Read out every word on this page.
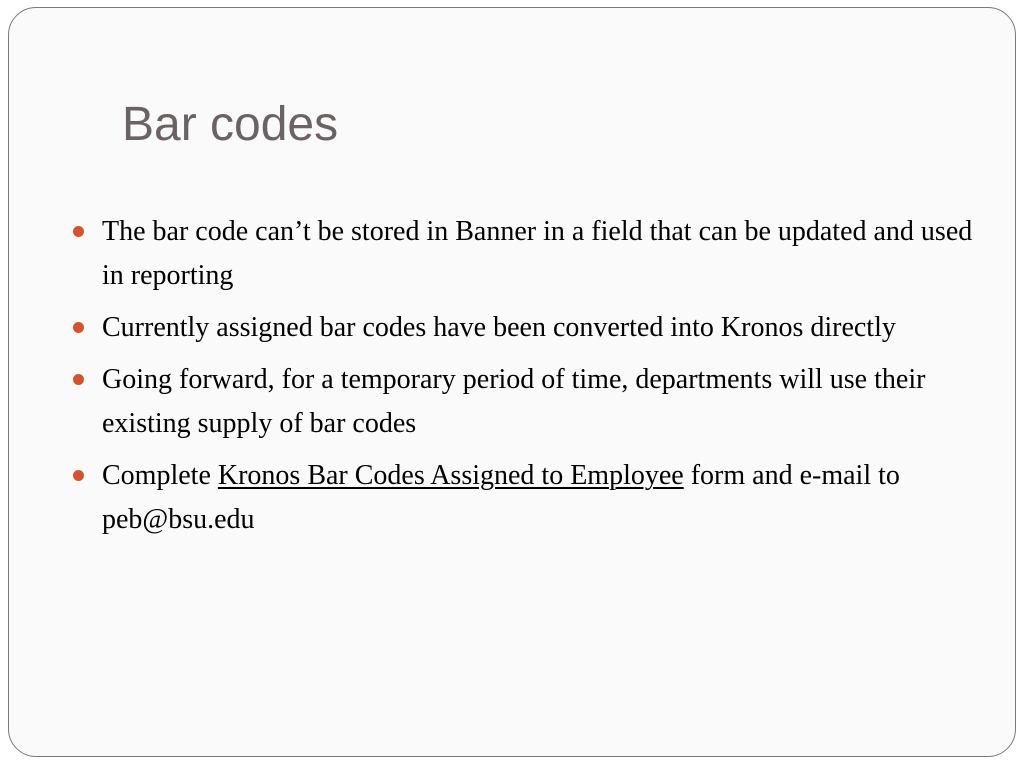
Bar codes
The bar code can’t be stored in Banner in a field that can be updated and used in reporting
Currently assigned bar codes have been converted into Kronos directly
Going forward, for a temporary period of time, departments will use their existing supply of bar codes
Complete Kronos Bar Codes Assigned to Employee form and e-mail to peb@bsu.edu
